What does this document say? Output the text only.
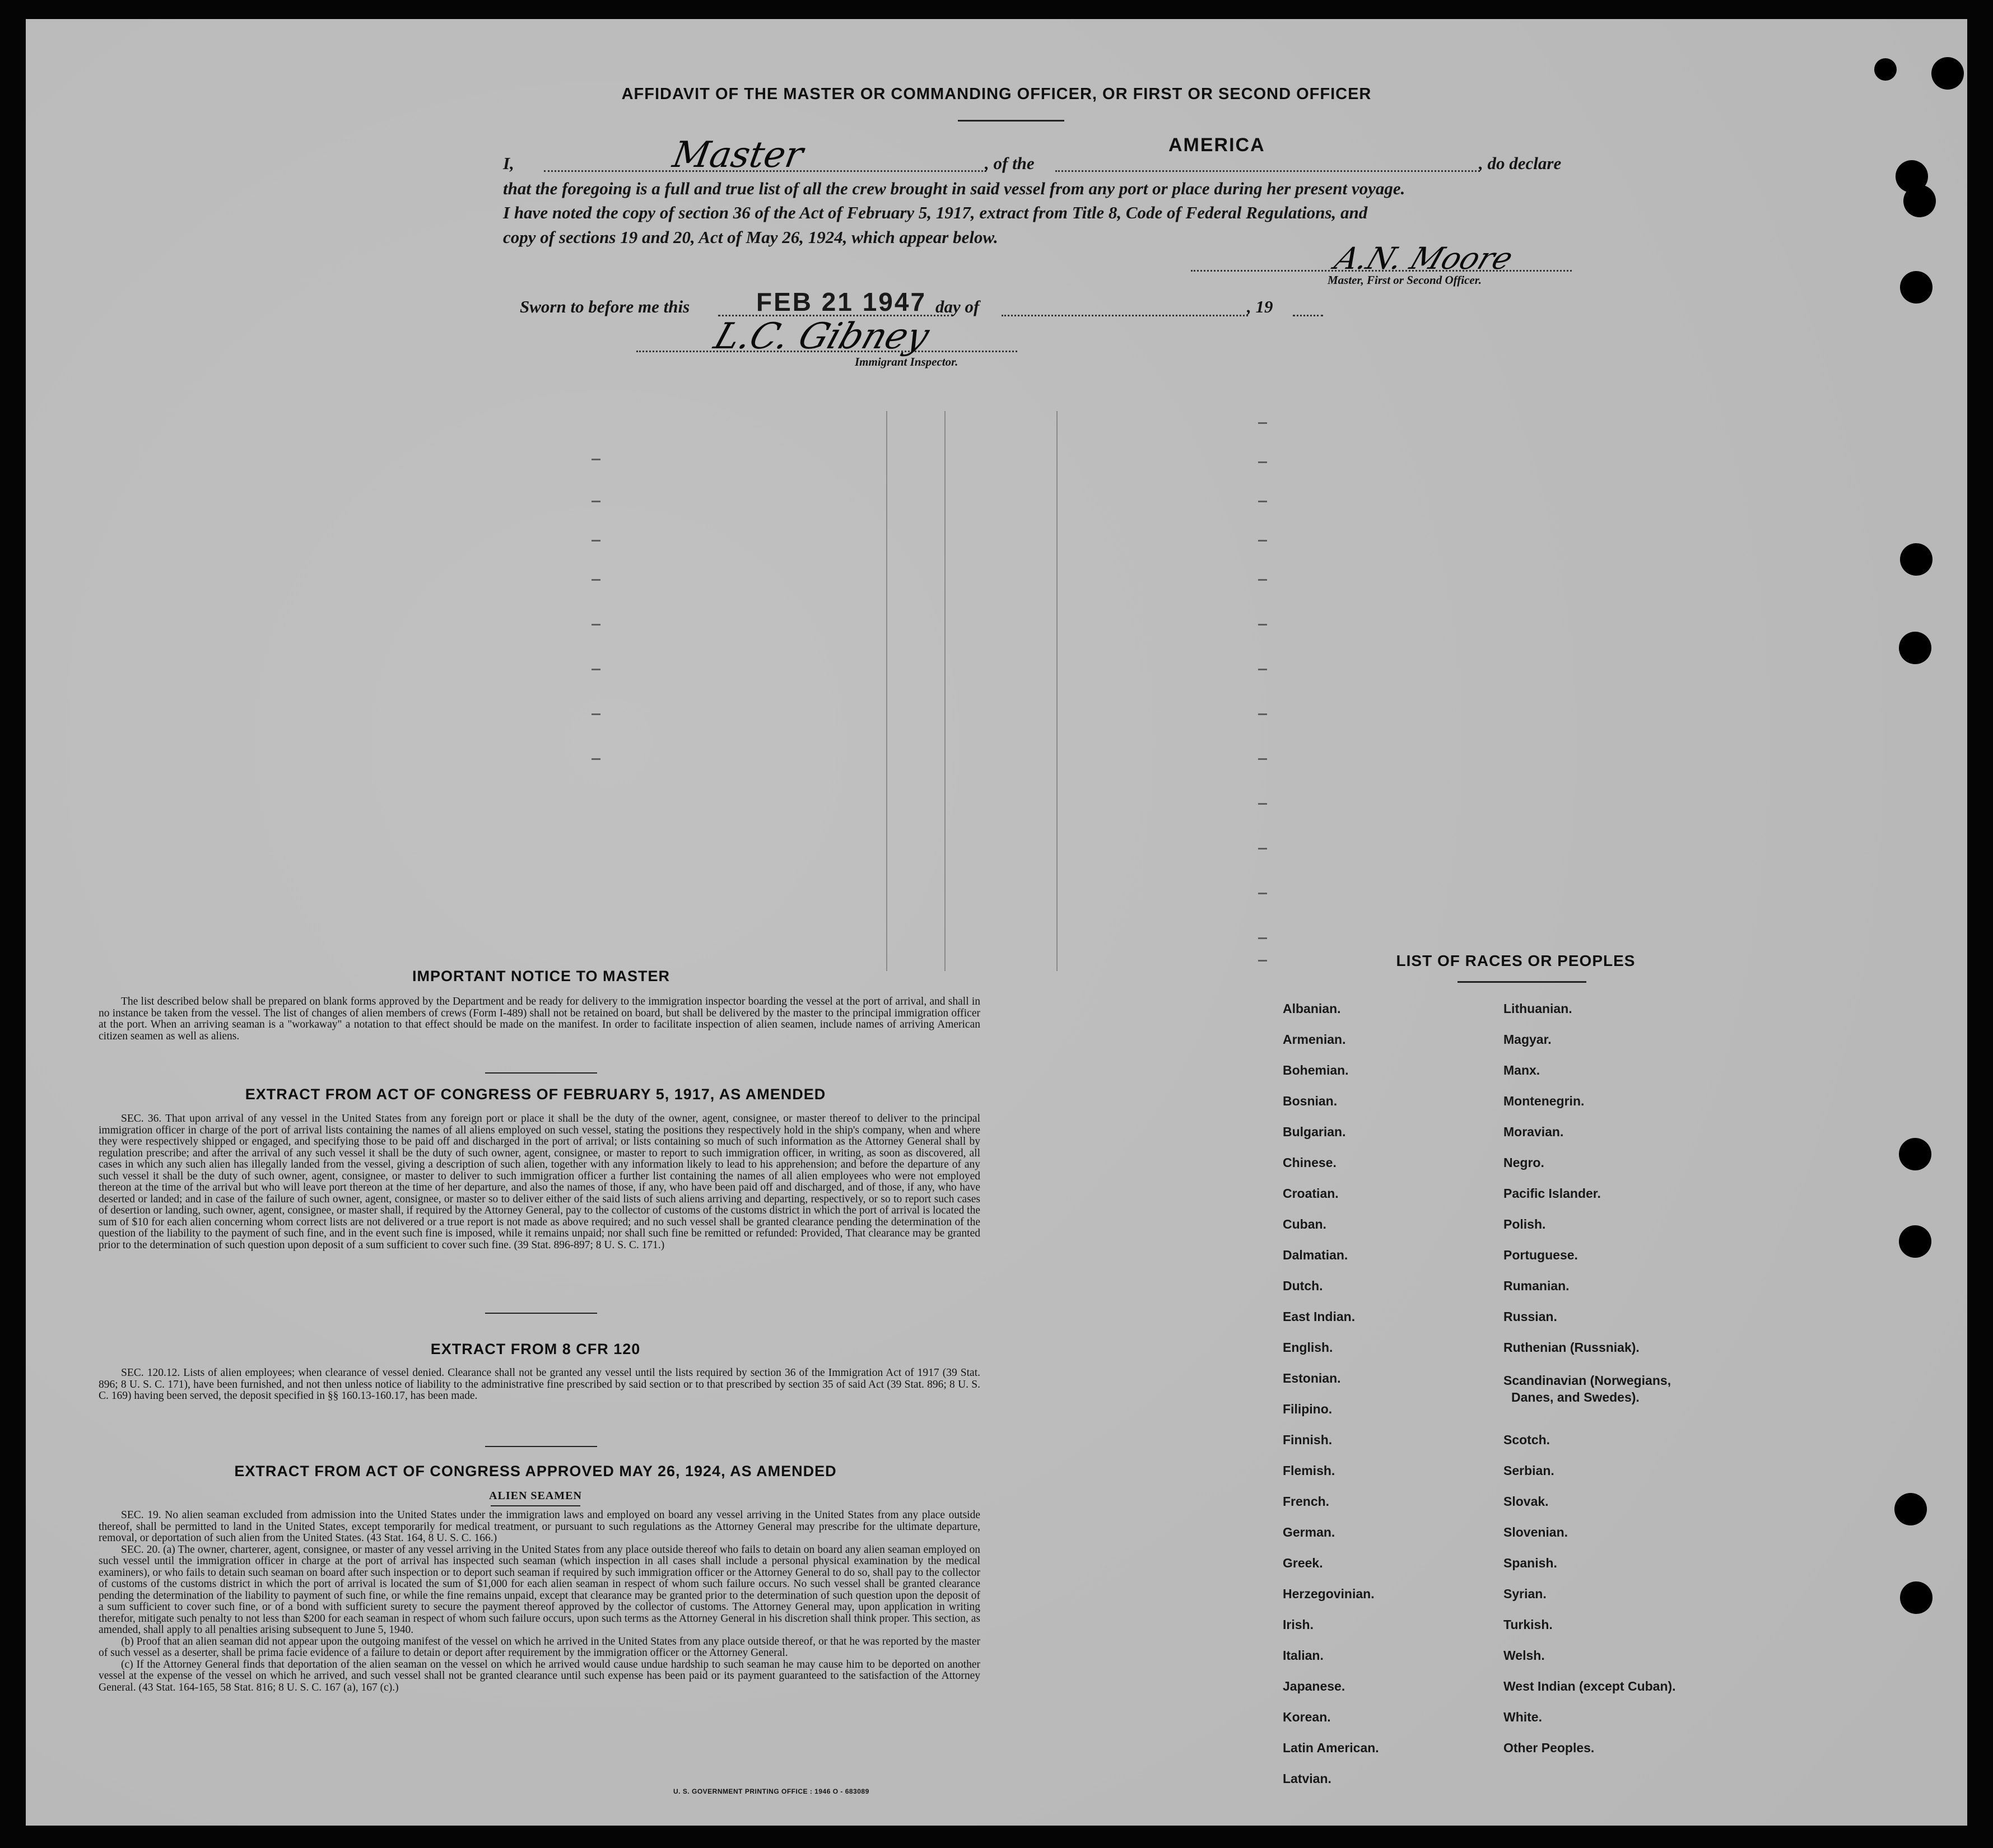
AFFIDAVIT OF THE MASTER OR COMMANDING OFFICER, OR FIRST OR SECOND OFFICER
I,	Master	, of the
AMERICA
, do declare
that the foregoing is a full and true list of all the crew brought in said vessel from any port or place during her present voyage.
I have noted the copy of section 36 of the Act of February 5, 1917, extract from Title 8, Code of Federal Regulations, and
copy of sections 19 and 20, Act of May 26, 1924, which appear below.
A.N. Moore
Master, First or Second Officer.
Sworn to before me this	FEB 21 1947 day of	, 19
L.C. Gibney
Immigrant Inspector.
IMPORTANT NOTICE TO MASTER

The list described below shall be prepared on blank forms approved by the Department and be ready for delivery to the immigration inspector boarding the vessel at the port of arrival, and shall in no instance be taken from the vessel. The list of changes of alien members of crews (Form I-489) shall not be retained on board, but shall be delivered by the master to the principal immigration officer at the port. When an arriving seaman is a "workaway" a notation to that effect should be made on the manifest. In order to facilitate inspection of alien seamen, include names of arriving American citizen seamen as well as aliens.

EXTRACT FROM ACT OF CONGRESS OF FEBRUARY 5, 1917, AS AMENDED

SEC. 36. That upon arrival of any vessel in the United States from any foreign port or place it shall be the duty of the owner, agent, consignee, or master thereof to deliver to the principal immigration officer in charge of the port of arrival lists containing the names of all aliens employed on such vessel, stating the positions they respectively hold in the ship's company, when and where they were respectively shipped or engaged, and specifying those to be paid off and discharged in the port of arrival; or lists containing so much of such information as the Attorney General shall by regulation prescribe; and after the arrival of any such vessel it shall be the duty of such owner, agent, consignee, or master to report to such immigration officer, in writing, as soon as discovered, all cases in which any such alien has illegally landed from the vessel, giving a description of such alien, together with any information likely to lead to his apprehension; and before the departure of any such vessel it shall be the duty of such owner, agent, consignee, or master to deliver to such immigration officer a further list containing the names of all alien employees who were not employed thereon at the time of the arrival but who will leave port thereon at the time of her departure, and also the names of those, if any, who have been paid off and discharged, and of those, if any, who have deserted or landed; and in case of the failure of such owner, agent, consignee, or master so to deliver either of the said lists of such aliens arriving and departing, respectively, or so to report such cases of desertion or landing, such owner, agent, consignee, or master shall, if required by the Attorney General, pay to the collector of customs of the customs district in which the port of arrival is located the sum of $10 for each alien concerning whom correct lists are not delivered or a true report is not made as above required; and no such vessel shall be granted clearance pending the determination of the question of the liability to the payment of such fine, and in the event such fine is imposed, while it remains unpaid; nor shall such fine be remitted or refunded: Provided, That clearance may be granted prior to the determination of such question upon deposit of a sum sufficient to cover such fine. (39 Stat. 896-897; 8 U. S. C. 171.)

EXTRACT FROM 8 CFR 120

SEC. 120.12. Lists of alien employees; when clearance of vessel denied. Clearance shall not be granted any vessel until the lists required by section 36 of the Immigration Act of 1917 (39 Stat. 896; 8 U. S. C. 171), have been furnished, and not then unless notice of liability to the administrative fine prescribed by said section or to that prescribed by section 35 of said Act (39 Stat. 896; 8 U. S. C. 169) having been served, the deposit specified in §§ 160.13-160.17, has been made.

EXTRACT FROM ACT OF CONGRESS APPROVED MAY 26, 1924, AS AMENDED
ALIEN SEAMEN

SEC. 19. No alien seaman excluded from admission into the United States under the immigration laws and employed on board any vessel arriving in the United States from any place outside thereof, shall be permitted to land in the United States, except temporarily for medical treatment, or pursuant to such regulations as the Attorney General may prescribe for the ultimate departure, removal, or deportation of such alien from the United States. (43 Stat. 164, 8 U. S. C. 166.)

SEC. 20. (a) The owner, charterer, agent, consignee, or master of any vessel arriving in the United States from any place outside thereof who fails to detain on board any alien seaman employed on such vessel until the immigration officer in charge at the port of arrival has inspected such seaman (which inspection in all cases shall include a personal physical examination by the medical examiners), or who fails to detain such seaman on board after such inspection or to deport such seaman if required by such immigration officer or the Attorney General to do so, shall pay to the collector of customs of the customs district in which the port of arrival is located the sum of $1,000 for each alien seaman in respect of whom such failure occurs. No such vessel shall be granted clearance pending the determination of the liability to payment of such fine, or while the fine remains unpaid, except that clearance may be granted prior to the determination of such question upon the deposit of a sum sufficient to cover such fine, or of a bond with sufficient surety to secure the payment thereof approved by the collector of customs. The Attorney General may, upon application in writing therefor, mitigate such penalty to not less than $200 for each seaman in respect of whom such failure occurs, upon such terms as the Attorney General in his discretion shall think proper. This section, as amended, shall apply to all penalties arising subsequent to June 5, 1940.

(b) Proof that an alien seaman did not appear upon the outgoing manifest of the vessel on which he arrived in the United States from any place outside thereof, or that he was reported by the master of such vessel as a deserter, shall be prima facie evidence of a failure to detain or deport after requirement by the immigration officer or the Attorney General.

(c) If the Attorney General finds that deportation of the alien seaman on the vessel on which he arrived would cause undue hardship to such seaman he may cause him to be deported on another vessel at the expense of the vessel on which he arrived, and such vessel shall not be granted clearance until such expense has been paid or its payment guaranteed to the satisfaction of the Attorney General. (43 Stat. 164-165, 58 Stat. 816; 8 U. S. C. 167 (a), 167 (c).)

U. S. GOVERNMENT PRINTING OFFICE : 1946 O - 683089
LIST OF RACES OR PEOPLES
Albanian.
Armenian.
Bohemian.
Bosnian.
Bulgarian.
Chinese.
Croatian.
Cuban.
Dalmatian.
Dutch.
East Indian.
English.
Estonian.
Filipino.
Finnish.
Flemish.
French.
German.
Greek.
Herzegovinian.
Irish.
Italian.
Japanese.
Korean.
Latin American.
Latvian.
Lithuanian.
Magyar.
Manx.
Montenegrin.
Moravian.
Negro.
Pacific Islander.
Polish.
Portuguese.
Rumanian.
Russian.
Ruthenian (Russniak).
Scandinavian (Norwegians,
Danes, and Swedes).
Scotch.
Serbian.
Slovak.
Slovenian.
Spanish.
Syrian.
Turkish.
Welsh.
West Indian (except Cuban).
White.
Other Peoples.
